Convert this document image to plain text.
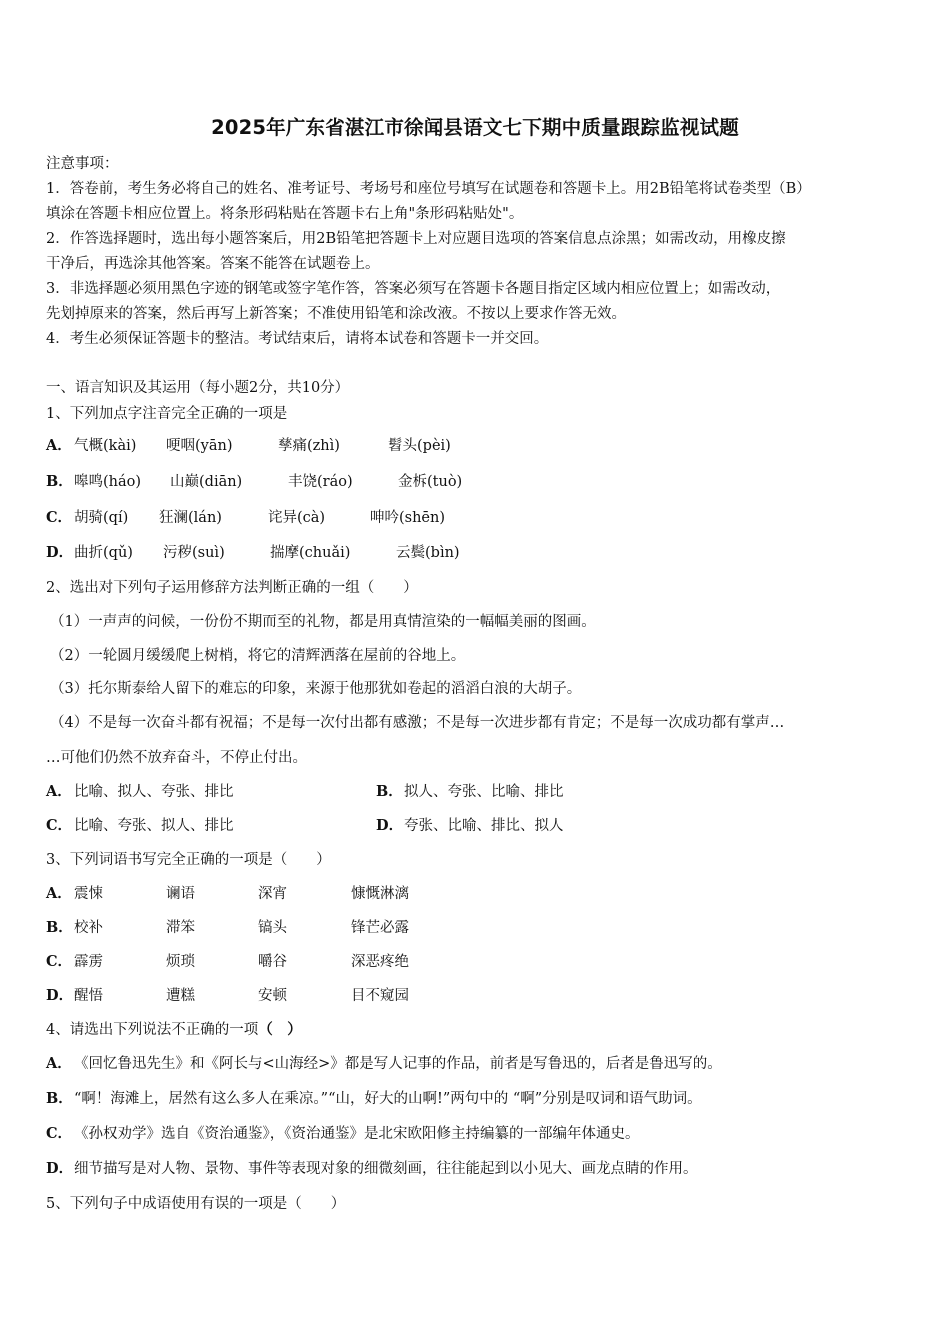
2025年广东省湛江市徐闻县语文七下期中质量跟踪监视试题
注意事项：
1．答卷前，考生务必将自己的姓名、准考证号、考场号和座位号填写在试题卷和答题卡上。用2B铅笔将试卷类型（B）
填涂在答题卡相应位置上。将条形码粘贴在答题卡右上角"条形码粘贴处"。
2．作答选择题时，选出每小题答案后，用2B铅笔把答题卡上对应题目选项的答案信息点涂黑；如需改动，用橡皮擦
干净后，再选涂其他答案。答案不能答在试题卷上。
3．非选择题必须用黑色字迹的钢笔或签字笔作答，答案必须写在答题卡各题目指定区域内相应位置上；如需改动，
先划掉原来的答案，然后再写上新答案；不准使用铅笔和涂改液。不按以上要求作答无效。
4．考生必须保证答题卡的整洁。考试结束后，请将本试卷和答题卡一并交回。
一、语言知识及其运用（每小题2分，共10分）
1、下列加点字注音完全正确的一项是
A． 气概(kài) 哽咽(yān)	孳痛(zhì)	髫头(pèi)
B． 嗥鸣(háo) 山巅(diān)	丰饶(ráo)	金柝(tuò)
C． 胡骑(qí) 狂澜(lán)	诧异(cà)	呻吟(shēn)
D． 曲折(qǔ) 污秽(suì)	揣摩(chuǎi)	云鬓(bìn)
2、选出对下列句子运用修辞方法判断正确的一组（　　）
（1）一声声的问候，一份份不期而至的礼物，都是用真情渲染的一幅幅美丽的图画。
（2）一轮圆月缓缓爬上树梢，将它的清辉洒落在屋前的谷地上。
（3）托尔斯泰给人留下的难忘的印象，来源于他那犹如卷起的滔滔白浪的大胡子。
（4）不是每一次奋斗都有祝福；不是每一次付出都有感激；不是每一次进步都有肯定；不是每一次成功都有掌声…
…可他们仍然不放弃奋斗，不停止付出。
A． 比喻、拟人、夸张、排比	B． 拟人、夸张、比喻、排比
C． 比喻、夸张、拟人、排比	D． 夸张、比喻、排比、拟人
3、下列词语书写完全正确的一项是（　　）
A． 震悚	谰语	深宵	慷慨淋漓
B． 校补	滞笨	镐头	锋芒必露
C． 霹雳	烦琐	嚼谷	深恶疼绝
D． 醒悟	遭糕	安顿	目不窥园
4、请选出下列说法不正确的一项（　）
A． 《回忆鲁迅先生》和《阿长与<山海经>》都是写人记事的作品，前者是写鲁迅的，后者是鲁迅写的。
B． “啊！海滩上，居然有这么多人在乘凉。”“山，好大的山啊!”两句中的 “啊”分别是叹词和语气助词。
C． 《孙权劝学》选自《资治通鉴》，《资治通鉴》是北宋欧阳修主持编纂的一部编年体通史。
D． 细节描写是对人物、景物、事件等表现对象的细微刻画，往往能起到以小见大、画龙点睛的作用。
5、下列句子中成语使用有误的一项是（　　）
